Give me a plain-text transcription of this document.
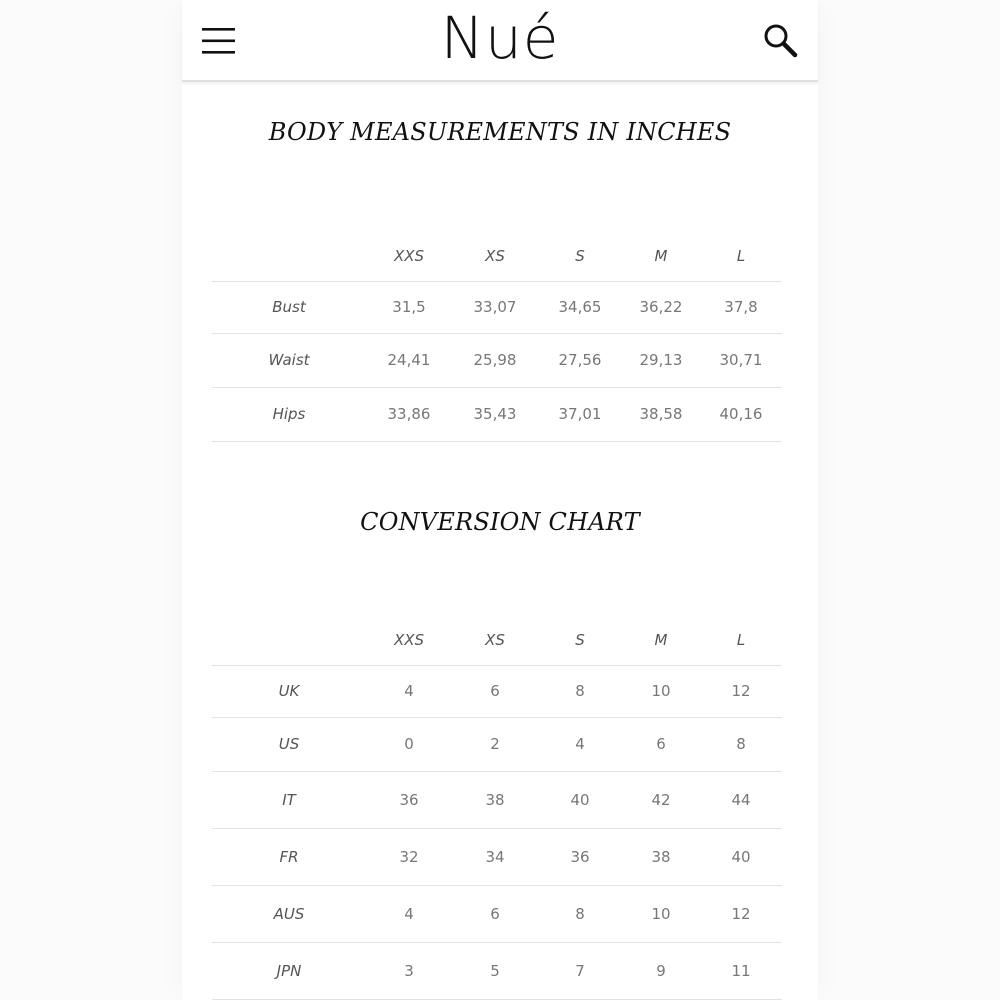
Nué
BODY MEASUREMENTS IN INCHES
	XXS	XS	S	M	L
Bust	31,5	33,07	34,65	36,22	37,8
Waist	24,41	25,98	27,56	29,13	30,71
Hips	33,86	35,43	37,01	38,58	40,16
CONVERSION CHART
	XXS	XS	S	M	L
UK	4	6	8	10	12
US	0	2	4	6	8
IT	36	38	40	42	44
FR	32	34	36	38	40
AUS	4	6	8	10	12
JPN	3	5	7	9	11
